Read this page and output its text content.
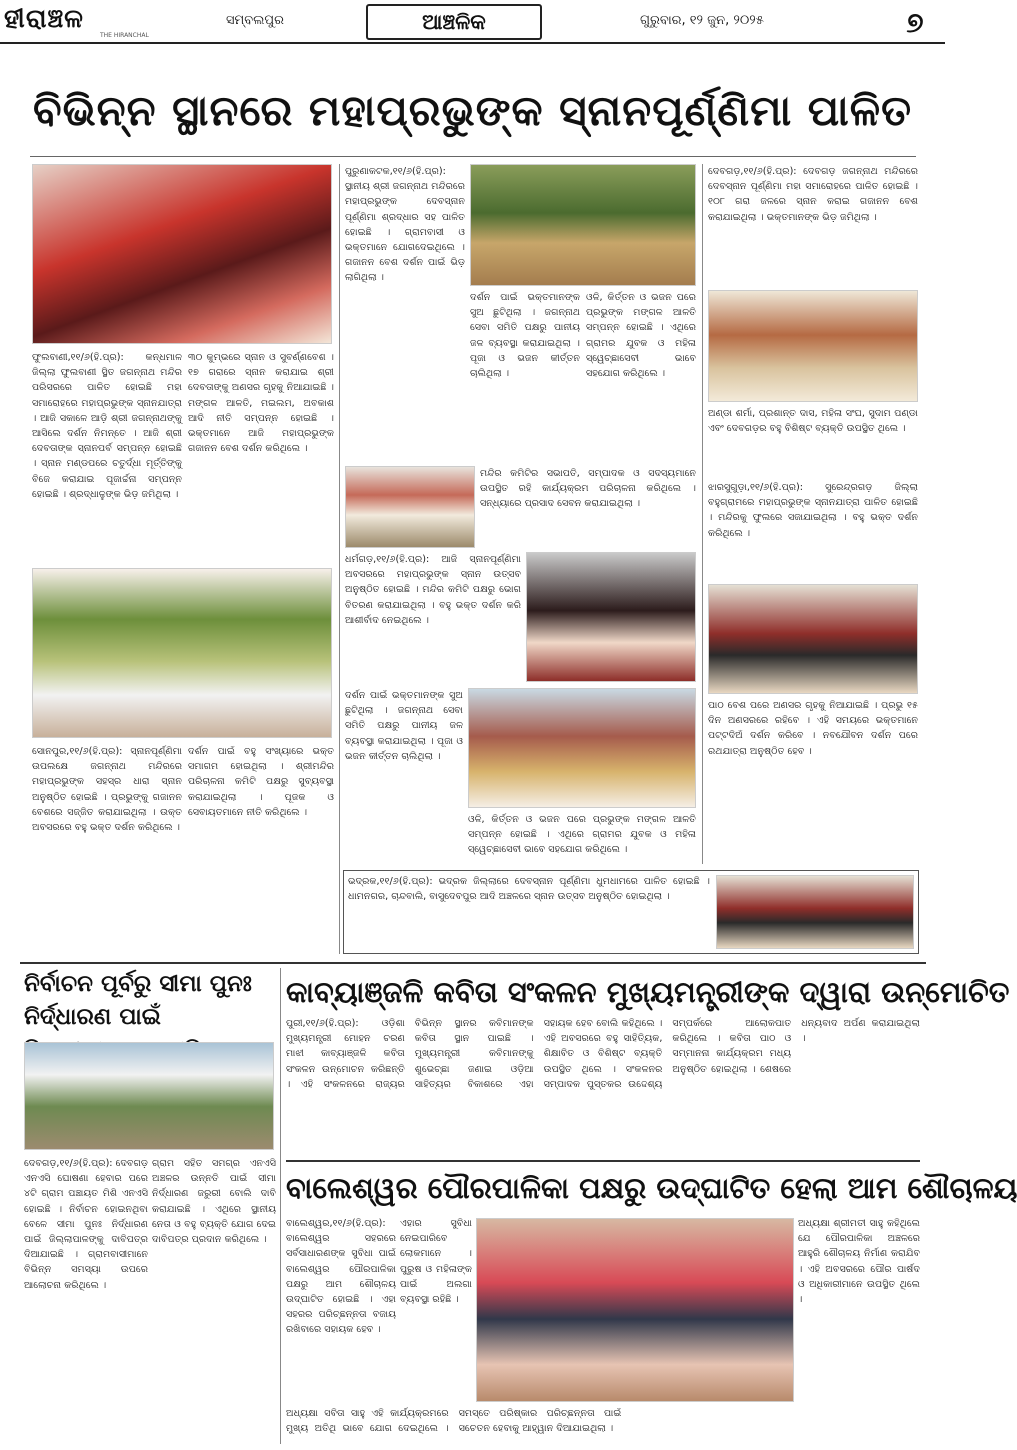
ହୀରାଞ୍ଚଳ
THE HIRANCHAL
ସମ୍ବଲପୁର	ଆଞ୍ଚଳିକ	ଗୁରୁବାର, ୧୨ ଜୁନ, ୨୦୨୫	୭
ବିଭିନ୍ନ ସ୍ଥାନରେ ମହାପ୍ରଭୁଙ୍କ ସ୍ନାନପୂର୍ଣ୍ଣିମା ପାଳିତ
ଫୁଲବାଣୀ,୧୧/୬(ହି.ପ୍ର): କନ୍ଧମାଳ ଜିଲ୍ଲା ଫୁଲବାଣୀ ସ୍ଥିତ ଜଗନ୍ନାଥ ମନ୍ଦିର ପରିସରରେ ପାଳିତ ହୋଇଛି ମହା ସମାରୋହରେ ମହାପ୍ରଭୁଙ୍କ ସ୍ନାନଯାତ୍ରା । ଆଜି ସକାଳେ ଆଡ଼ି ଶ୍ରୀ ଜଗନ୍ନାଥଙ୍କୁ ଆସିଲେ ଦର୍ଶନ ନିମନ୍ତେ । ଆଜି ଶ୍ରୀ ଦେବତାଙ୍କ ସ୍ନାନପର୍ବ ସମ୍ପନ୍ନ ହୋଇଛି । ସ୍ନାନ ମଣ୍ଡପରେ ଚତୁର୍ଦ୍ଧା ମୂର୍ତ୍ତିଙ୍କୁ ବିଜେ କରାଯାଇ ପୂଜାର୍ଚ୍ଚନା ସମ୍ପନ୍ନ ହୋଇଛି । ଶ୍ରଦ୍ଧାଳୁଙ୍କ ଭିଡ଼ ଜମିଥିଲା ।
୩୦ କୁମ୍ଭରେ ସ୍ନାନ ଓ ସୁବର୍ଣ୍ଣବେଶ । ୧୭ ଗରାରେ ସ୍ନାନ କରାଯାଇ ଶ୍ରୀ ଦେବତାଙ୍କୁ ଅଣସର ଗୃହକୁ ନିଆଯାଇଛି । ମଙ୍ଗଳ ଆଳତି, ମଇଲମ, ଅବକାଶ ଆଦି ନୀତି ସମ୍ପନ୍ନ ହୋଇଛି । ଭକ୍ତମାନେ ଆଜି ମହାପ୍ରଭୁଙ୍କ ଗଜାନନ ବେଶ ଦର୍ଶନ କରିଥିଲେ ।
ସୋନପୁର,୧୧/୬(ହି.ପ୍ର): ସ୍ନାନପୂର୍ଣ୍ଣିମା ଉପଲକ୍ଷେ ଜଗନ୍ନାଥ ମନ୍ଦିରରେ ମହାପ୍ରଭୁଙ୍କ ସହସ୍ର ଧାରା ସ୍ନାନ ଅନୁଷ୍ଠିତ ହୋଇଛି । ପ୍ରଭୁଙ୍କୁ ଗଜାନନ ବେଶରେ ସଜ୍ଜିତ କରାଯାଇଥିଲା । ଉକ୍ତ ଅବସରରେ ବହୁ ଭକ୍ତ ଦର୍ଶନ କରିଥିଲେ ।
ଦର୍ଶନ ପାଇଁ ବହୁ ସଂଖ୍ୟାରେ ଭକ୍ତ ସମାଗମ ହୋଇଥିଲା । ଶ୍ରୀମନ୍ଦିର ପରିଚାଳନା କମିଟି ପକ୍ଷରୁ ସୁବ୍ୟବସ୍ଥା କରାଯାଇଥିଲା । ପୂଜକ ଓ ସେବାୟତମାନେ ନୀତି କରିଥିଲେ ।
ପୁରୁଣାକଟକ,୧୧/୬(ହି.ପ୍ର): ସ୍ଥାନୀୟ ଶ୍ରୀ ଜଗନ୍ନାଥ ମନ୍ଦିରରେ ମହାପ୍ରଭୁଙ୍କ ଦେବସ୍ନାନ ପୂର୍ଣ୍ଣିମା ଶ୍ରଦ୍ଧାର ସହ ପାଳିତ ହୋଇଛି । ଗ୍ରାମବାସୀ ଓ ଭକ୍ତମାନେ ଯୋଗଦେଇଥିଲେ । ଗଜାନନ ବେଶ ଦର୍ଶନ ପାଇଁ ଭିଡ଼ ଲାଗିଥିଲା ।
ଦର୍ଶନ ପାଇଁ ଭକ୍ତମାନଙ୍କ ସୁଅ ଛୁଟିଥିଲା । ଜଗନ୍ନାଥ ସେବା ସମିତି ପକ୍ଷରୁ ପାନୀୟ ଜଳ ବ୍ୟବସ୍ଥା କରାଯାଇଥିଲା । ପୂଜା ଓ ଭଜନ କୀର୍ତ୍ତନ ଚାଲିଥିଲା ।
ଓଳି, କିର୍ତ୍ତନ ଓ ଭଜନ ପରେ ପ୍ରଭୁଙ୍କ ମଙ୍ଗଳ ଆଳତି ସମ୍ପନ୍ନ ହୋଇଛି । ଏଥିରେ ଗ୍ରାମର ଯୁବକ ଓ ମହିଳା ସ୍ୱେଚ୍ଛାସେବୀ ଭାବେ ସହଯୋଗ କରିଥିଲେ ।
ମନ୍ଦିର କମିଟିର ସଭାପତି, ସମ୍ପାଦକ ଓ ସଦସ୍ୟମାନେ ଉପସ୍ଥିତ ରହି କାର୍ଯ୍ୟକ୍ରମ ପରିଚାଳନା କରିଥିଲେ । ସନ୍ଧ୍ୟାରେ ପ୍ରସାଦ ସେବନ କରାଯାଇଥିଲା ।
ଧର୍ମଗଡ଼,୧୧/୬(ହି.ପ୍ର): ଆଜି ସ୍ନାନପୂର୍ଣ୍ଣିମା ଅବସରରେ ମହାପ୍ରଭୁଙ୍କ ସ୍ନାନ ଉତ୍ସବ ଅନୁଷ୍ଠିତ ହୋଇଛି । ମନ୍ଦିର କମିଟି ପକ୍ଷରୁ ଭୋଗ ବିତରଣ କରାଯାଇଥିଲା । ବହୁ ଭକ୍ତ ଦର୍ଶନ କରି ଆଶୀର୍ବାଦ ନେଇଥିଲେ ।
ଦର୍ଶନ ପାଇଁ ଭକ୍ତମାନଙ୍କ ସୁଅ ଛୁଟିଥିଲା । ଜଗନ୍ନାଥ ସେବା ସମିତି ପକ୍ଷରୁ ପାନୀୟ ଜଳ ବ୍ୟବସ୍ଥା କରାଯାଇଥିଲା । ପୂଜା ଓ ଭଜନ କୀର୍ତ୍ତନ ଚାଲିଥିଲା ।
ଓଳି, କିର୍ତ୍ତନ ଓ ଭଜନ ପରେ ପ୍ରଭୁଙ୍କ ମଙ୍ଗଳ ଆଳତି ସମ୍ପନ୍ନ ହୋଇଛି । ଏଥିରେ ଗ୍ରାମର ଯୁବକ ଓ ମହିଳା ସ୍ୱେଚ୍ଛାସେବୀ ଭାବେ ସହଯୋଗ କରିଥିଲେ ।
ଦେବଗଡ଼,୧୧/୬(ହି.ପ୍ର): ଦେବଗଡ଼ ଜଗନ୍ନାଥ ମନ୍ଦିରରେ ଦେବସ୍ନାନ ପୂର୍ଣ୍ଣିମା ମହା ସମାରୋହରେ ପାଳିତ ହୋଇଛି । ୧୦୮ ଗରା ଜଳରେ ସ୍ନାନ କରାଇ ଗଜାନନ ବେଶ କରାଯାଇଥିଲା । ଭକ୍ତମାନଙ୍କ ଭିଡ଼ ଜମିଥିଲା ।
ଅଣ୍ଡା ଶର୍ମା, ପ୍ରଶାନ୍ତ ଦାସ, ମହିଳା ସଂଘ, ସୁଦାମ ପଣ୍ଡା ଏବଂ ଦେବଗଡ଼ର ବହୁ ବିଶିଷ୍ଟ ବ୍ୟକ୍ତି ଉପସ୍ଥିତ ଥିଲେ ।
ଝାରସୁଗୁଡ଼ା,୧୧/୬(ହି.ପ୍ର): ସୁରେନ୍ଦ୍ରଗଡ଼ ଜିଲ୍ଲା ବହୁଗ୍ରାମରେ ମହାପ୍ରଭୁଙ୍କ ସ୍ନାନଯାତ୍ରା ପାଳିତ ହୋଇଛି । ମନ୍ଦିରକୁ ଫୁଲରେ ସଜାଯାଇଥିଲା । ବହୁ ଭକ୍ତ ଦର୍ଶନ କରିଥିଲେ ।
ପାଠ ବେଶ ପରେ ଅଣସର ଗୃହକୁ ନିଆଯାଇଛି । ପ୍ରଭୁ ୧୫ ଦିନ ଅଣସରରେ ରହିବେ । ଏହି ସମୟରେ ଭକ୍ତମାନେ ପଟ୍ଟଦିଅଁ ଦର୍ଶନ କରିବେ । ନବଯୌବନ ଦର୍ଶନ ପରେ ରଥଯାତ୍ରା ଅନୁଷ୍ଠିତ ହେବ ।
ଭଦ୍ରକ,୧୧/୬(ହି.ପ୍ର): ଭଦ୍ରକ ଜିଲ୍ଲାରେ ଦେବସ୍ନାନ ପୂର୍ଣ୍ଣିମା ଧୁମଧାମରେ ପାଳିତ ହୋଇଛି । ଧାମନଗର, ଚାନ୍ଦବାଲି, ବାସୁଦେବପୁର ଆଦି ଅଞ୍ଚଳରେ ସ୍ନାନ ଉତ୍ସବ ଅନୁଷ୍ଠିତ ହୋଇଥିଲା ।
ନିର୍ବାଚନ ପୂର୍ବରୁ ସୀମା ପୁନଃ ନିର୍ଦ୍ଧାରଣ ପାଇଁ
ଦେବଗଡ଼,୧୧/୬(ହି.ପ୍ର): ଦେବଗଡ଼ ଏନଏସି ଘୋଷଣା ହେବାର ପରେ ୪ଟି ଗ୍ରାମ ପଞ୍ଚାୟତ ମିଶି ଏନଏସି ହୋଇଛି । ନିର୍ବାଚନ ହୋଇନଥିବା ବେଳେ ସୀମା ପୁନଃ ନିର୍ଦ୍ଧାରଣ ପାଇଁ ଜିଲ୍ଲାପାଳଙ୍କୁ ଦାବିପତ୍ର ଦିଆଯାଇଛି । ଗ୍ରାମବାସୀମାନେ ବିଭିନ୍ନ ସମସ୍ୟା ଉପରେ ଆଲୋଚନା କରିଥିଲେ ।
ଗ୍ରାମ ସହିତ ସମଗ୍ର ଏନଏସି ଅଞ୍ଚଳର ଉନ୍ନତି ପାଇଁ ସୀମା ନିର୍ଦ୍ଧାରଣ ଜରୁରୀ ବୋଲି ଦାବି କରାଯାଇଛି । ଏଥିରେ ସ୍ଥାନୀୟ ନେତା ଓ ବହୁ ବ୍ୟକ୍ତି ଯୋଗ ଦେଇ ଦାବିପତ୍ର ପ୍ରଦାନ କରିଥିଲେ ।
କାବ୍ୟାଞ୍ଜଳି କବିତା ସଂକଳନ ମୁଖ୍ୟମନ୍ତ୍ରୀଙ୍କ ଦ୍ୱାରା ଉନ୍ମୋଚିତ
ପୁରୀ,୧୧/୬(ହି.ପ୍ର): ଓଡ଼ିଶା ମୁଖ୍ୟମନ୍ତ୍ରୀ ମୋହନ ଚରଣ ମାଝୀ କାବ୍ୟାଞ୍ଜଳି କବିତା ସଂକଳନ ଉନ୍ମୋଚନ କରିଛନ୍ତି । ଏହି ସଂକଳନରେ ରାଜ୍ୟର ବିଭିନ୍ନ ସ୍ଥାନର କବିମାନଙ୍କ କବିତା ସ୍ଥାନ ପାଇଛି । ମୁଖ୍ୟମନ୍ତ୍ରୀ କବିମାନଙ୍କୁ ଶୁଭେଚ୍ଛା ଜଣାଇ ଓଡ଼ିଆ ସାହିତ୍ୟର ବିକାଶରେ ଏହା ସହାୟକ ହେବ ବୋଲି କହିଥିଲେ । ଏହି ଅବସରରେ ବହୁ ସାହିତ୍ୟିକ, ଶିକ୍ଷାବିତ ଓ ବିଶିଷ୍ଟ ବ୍ୟକ୍ତି ଉପସ୍ଥିତ ଥିଲେ । ସଂକଳନର ସମ୍ପାଦକ ପୁସ୍ତକର ଉଦ୍ଦେଶ୍ୟ ସମ୍ପର୍କରେ ଆଲୋକପାତ କରିଥିଲେ । କବିତା ପାଠ ଓ ସମ୍ମାନନା କାର୍ଯ୍ୟକ୍ରମ ମଧ୍ୟ ଅନୁଷ୍ଠିତ ହୋଇଥିଲା । ଶେଷରେ ଧନ୍ୟବାଦ ଅର୍ପଣ କରାଯାଇଥିଲା ।
ବାଲେଶ୍ୱର ପୌରପାଳିକା ପକ୍ଷରୁ ଉଦ୍‌ଘାଟିତ ହେଲା ଆମ ଶୌଚାଳୟ
ବାଲେଶ୍ୱର,୧୧/୬(ହି.ପ୍ର): ବାଲେଶ୍ୱର ସହରରେ ସର୍ବସାଧାରଣଙ୍କ ସୁବିଧା ପାଇଁ ବାଲେଶ୍ୱର ପୌରପାଳିକା ପକ୍ଷରୁ ଆମ ଶୌଚାଳୟ ଉଦ୍‌ଘାଟିତ ହୋଇଛି । ଏହା ସହରର ପରିଚ୍ଛନ୍ନତା ବଜାୟ ରଖିବାରେ ସହାୟକ ହେବ ।
ଏହାର ସୁବିଧା ନେଇପାରିବେ ଲୋକମାନେ । ପୁରୁଷ ଓ ମହିଳାଙ୍କ ପାଇଁ ଅଲଗା ବ୍ୟବସ୍ଥା ରହିଛି ।
ଅଧ୍ୟକ୍ଷା ଶ୍ରୀମତୀ ସାହୁ କହିଥିଲେ ଯେ ପୌରପାଳିକା ଅଞ୍ଚଳରେ ଆହୁରି ଶୌଚାଳୟ ନିର୍ମାଣ କରାଯିବ । ଏହି ଅବସରରେ ପୌର ପାର୍ଷଦ ଓ ଅଧିକାରୀମାନେ ଉପସ୍ଥିତ ଥିଲେ ।
ଅଧ୍ୟକ୍ଷା ସବିତା ସାହୁ ଏହି କାର୍ଯ୍ୟକ୍ରମରେ ମୁଖ୍ୟ ଅତିଥି ଭାବେ ଯୋଗ ଦେଇଥିଲେ । ସମସ୍ତେ ପରିଷ୍କାର ପରିଚ୍ଛନ୍ନତା ପାଇଁ ସଚେତନ ହେବାକୁ ଆହ୍ୱାନ ଦିଆଯାଇଥିଲା ।
